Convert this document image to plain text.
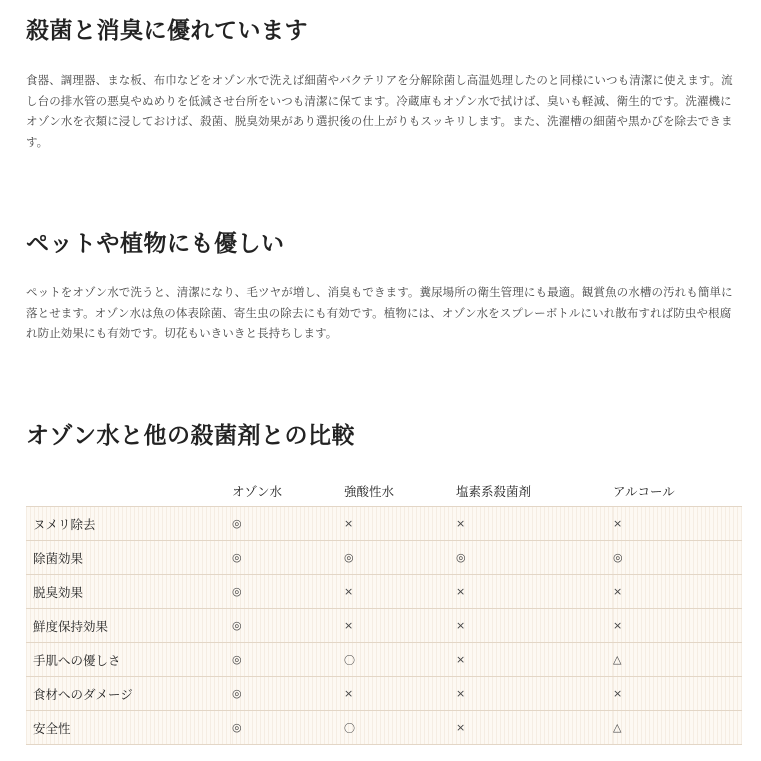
殺菌と消臭に優れています

食器、調理器、まな板、布巾などをオゾン水で洗えば細菌やバクテリアを分解除菌し高温処理したのと同様にいつも清潔に使えます。流し台の排水管の悪臭やぬめりを低減させ台所をいつも清潔に保てます。冷蔵庫もオゾン水で拭けば、臭いも軽減、衛生的です。洗濯機にオゾン水を衣類に浸しておけば、殺菌、脱臭効果があり選択後の仕上がりもスッキリします。また、洗濯槽の細菌や黒かびを除去できます。

ペットや植物にも優しい

ペットをオゾン水で洗うと、清潔になり、毛ツヤが増し、消臭もできます。糞尿場所の衛生管理にも最適。観賞魚の水槽の汚れも簡単に落とせます。オゾン水は魚の体表除菌、寄生虫の除去にも有効です。植物には、オゾン水をスプレーボトルにいれ散布すれば防虫や根腐れ防止効果にも有効です。切花もいきいきと長持ちします。

オゾン水と他の殺菌剤との比較
	オゾン水	強酸性水	塩素系殺菌剤	アルコール
ヌメリ除去	◎	×	×	×
除菌効果	◎	◎	◎	◎
脱臭効果	◎	×	×	×
鮮度保持効果	◎	×	×	×
手肌への優しさ	◎	〇	×	△
食材へのダメージ	◎	×	×	×
安全性	◎	〇	×	△
